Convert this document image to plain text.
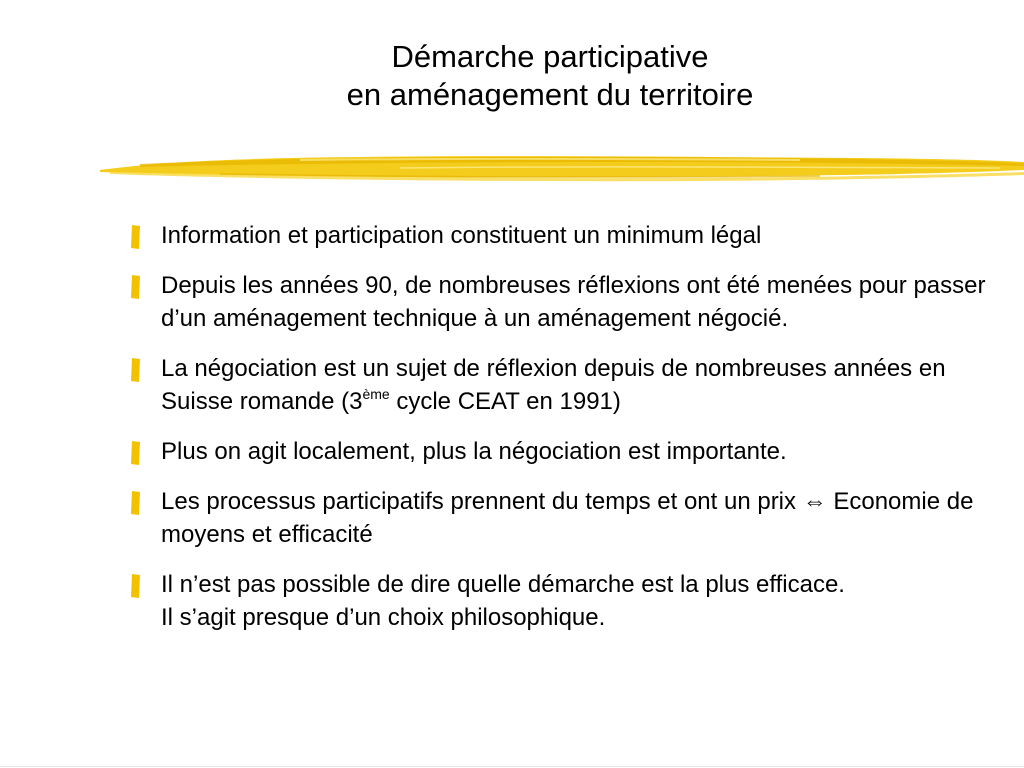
Démarche participative
en aménagement du territoire
Information et participation constituent un minimum légal
Depuis les années 90, de nombreuses réflexions ont été menées pour passer d’un aménagement technique à un aménagement négocié.
La négociation est un sujet de réflexion depuis de nombreuses années en Suisse romande (3ème cycle CEAT en 1991)
Plus on agit localement, plus la négociation est importante.
Les processus participatifs prennent du temps et ont un prix ⇔ Economie de moyens et efficacité
Il n’est pas possible de dire quelle démarche est la plus efficace.
Il s’agit presque d’un choix philosophique.
